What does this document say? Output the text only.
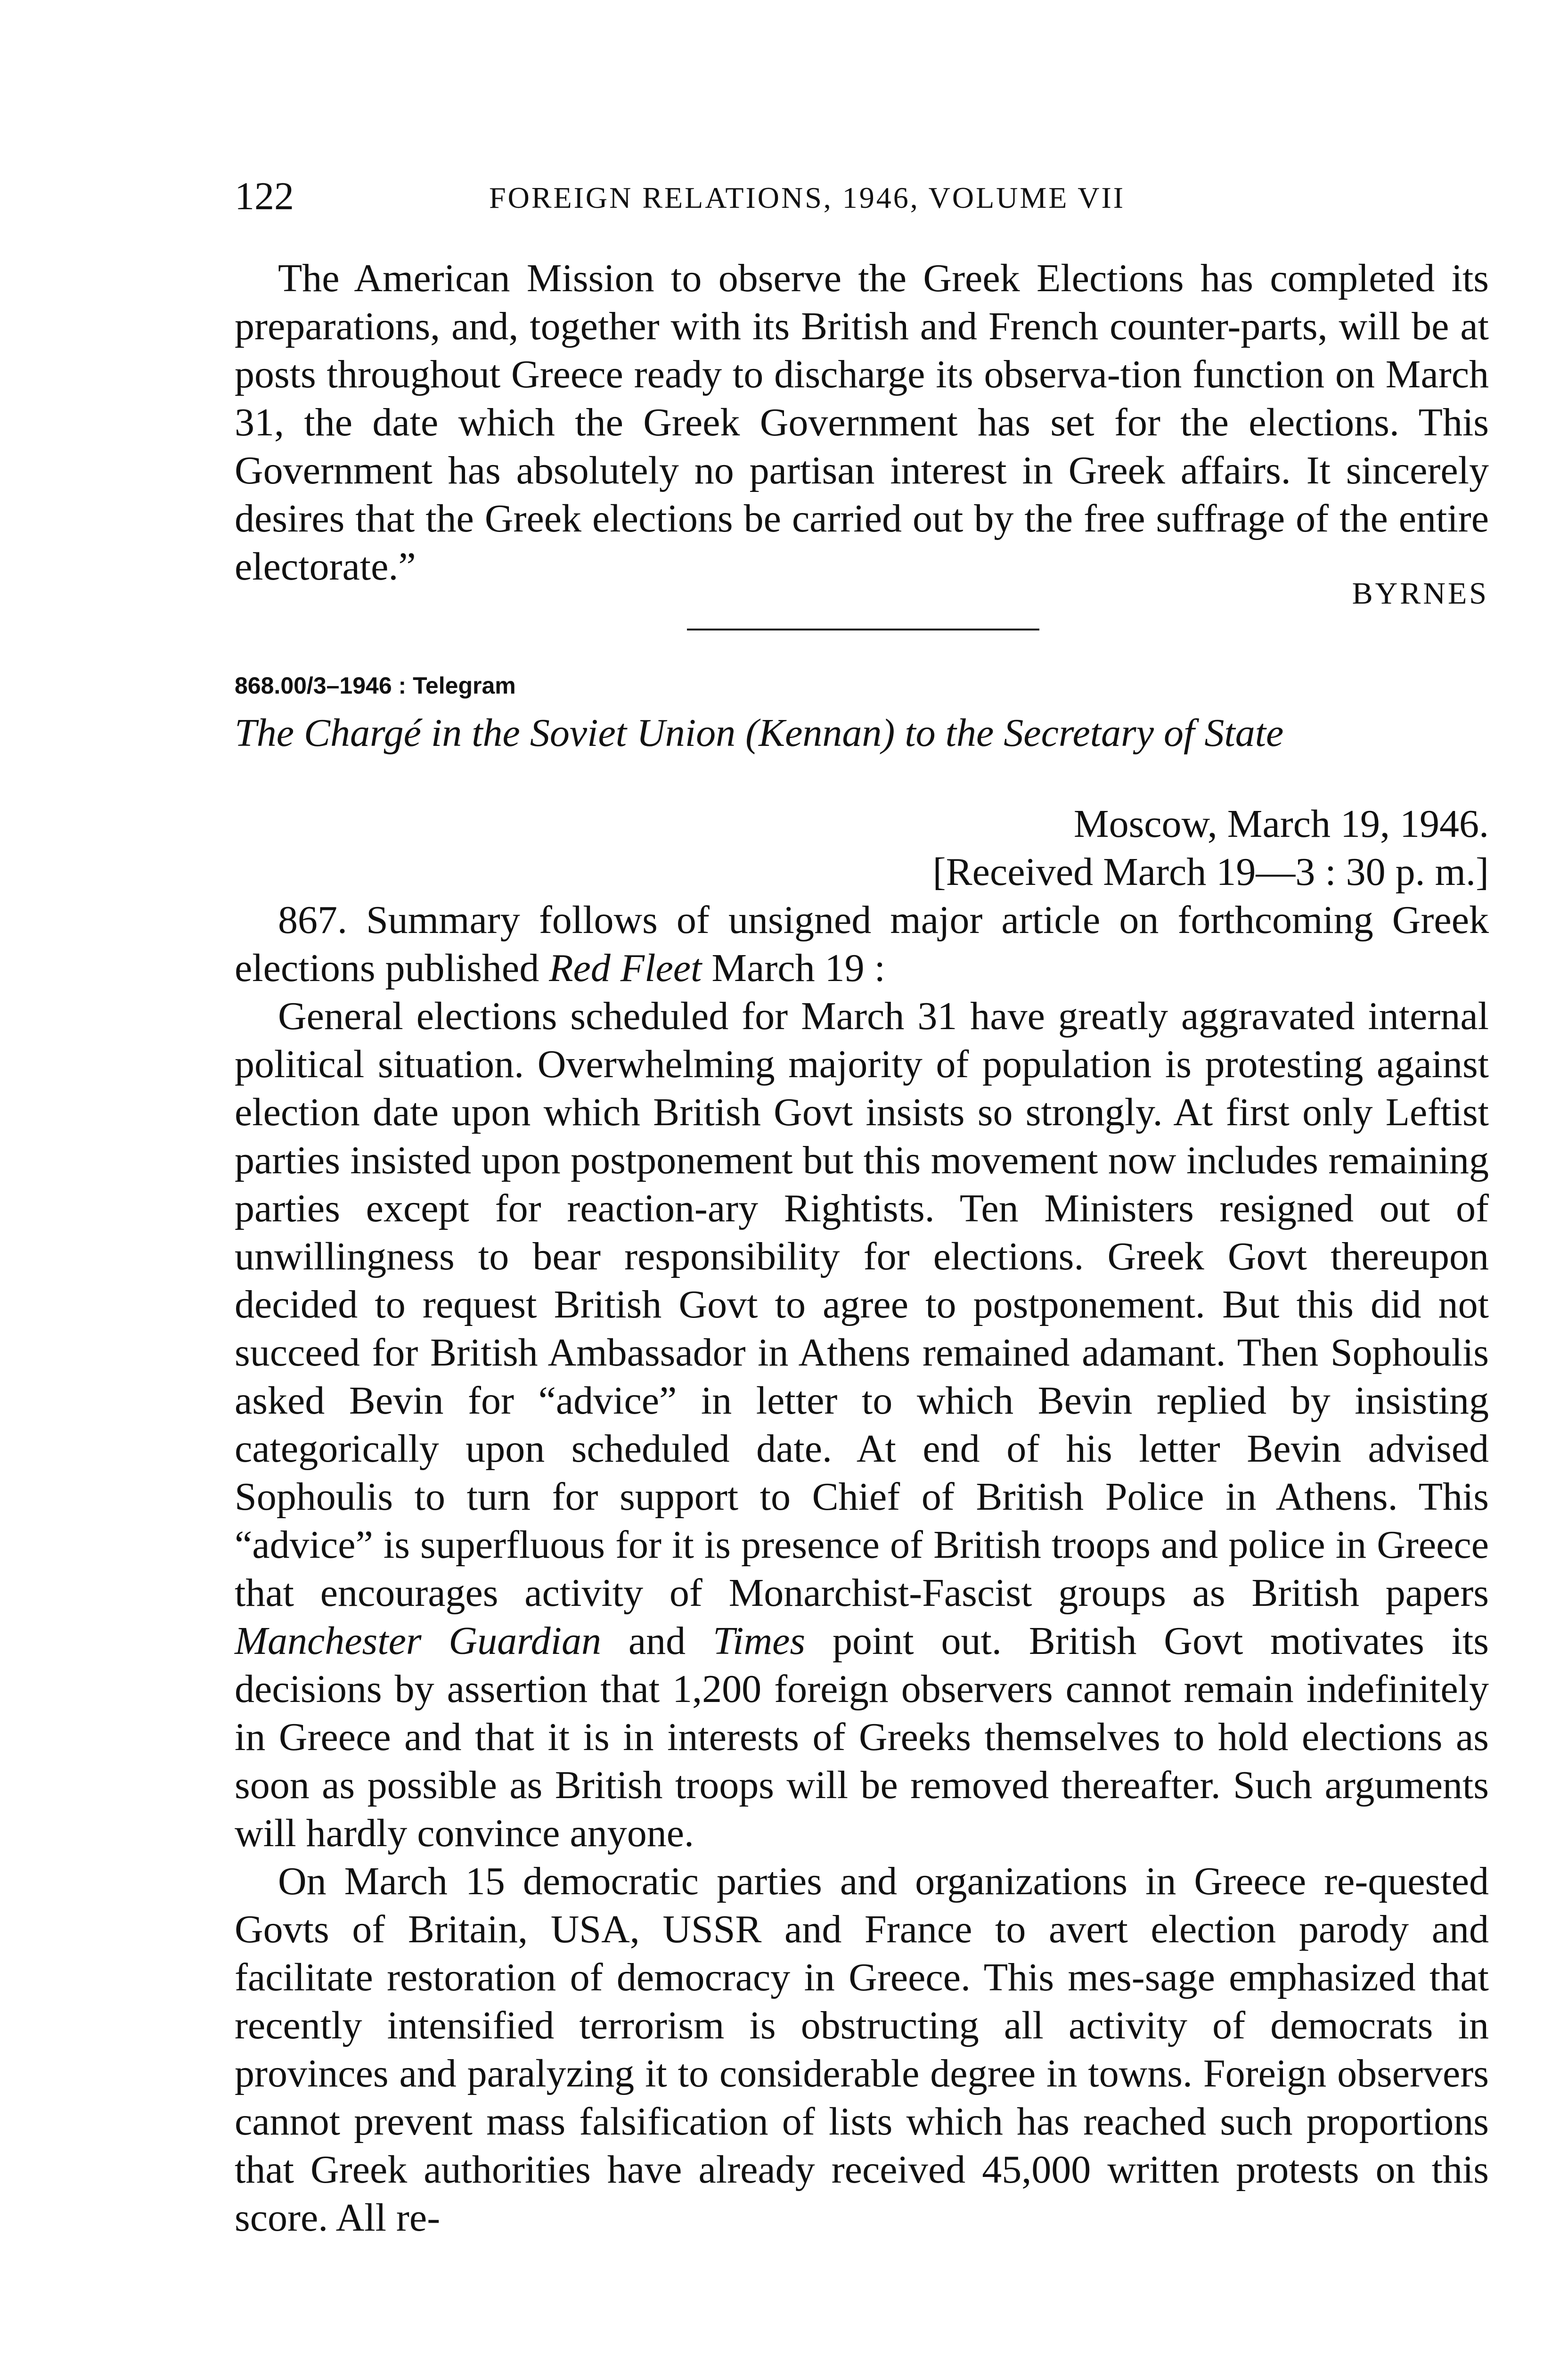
122	FOREIGN RELATIONS, 1946, VOLUME VII

The American Mission to observe the Greek Elections has completed its preparations, and, together with its British and French counter-parts, will be at posts throughout Greece ready to discharge its observa-tion function on March 31, the date which the Greek Government has set for the elections. This Government has absolutely no partisan interest in Greek affairs. It sincerely desires that the Greek elections be carried out by the free suffrage of the entire electorate.”

BYRNES
868.00/3–1946 : Telegram
The Chargé in the Soviet Union (Kennan) to the Secretary of State
Moscow, March 19, 1946.
[Received March 19—3 : 30 p. m.]

867. Summary follows of unsigned major article on forthcoming Greek elections published Red Fleet March 19 :

General elections scheduled for March 31 have greatly aggravated internal political situation. Overwhelming majority of population is protesting against election date upon which British Govt insists so strongly. At first only Leftist parties insisted upon postponement but this movement now includes remaining parties except for reaction-ary Rightists. Ten Ministers resigned out of unwillingness to bear responsibility for elections. Greek Govt thereupon decided to request British Govt to agree to postponement. But this did not succeed for British Ambassador in Athens remained adamant. Then Sophoulis asked Bevin for “advice” in letter to which Bevin replied by insisting categorically upon scheduled date. At end of his letter Bevin advised Sophoulis to turn for support to Chief of British Police in Athens. This “advice” is superfluous for it is presence of British troops and police in Greece that encourages activity of Monarchist-Fascist groups as British papers Manchester Guardian and Times point out. British Govt motivates its decisions by assertion that 1,200 foreign observers cannot remain indefinitely in Greece and that it is in interests of Greeks themselves to hold elections as soon as possible as British troops will be removed thereafter. Such arguments will hardly convince anyone.

On March 15 democratic parties and organizations in Greece re-quested Govts of Britain, USA, USSR and France to avert election parody and facilitate restoration of democracy in Greece. This mes-sage emphasized that recently intensified terrorism is obstructing all activity of democrats in provinces and paralyzing it to considerable degree in towns. Foreign observers cannot prevent mass falsification of lists which has reached such proportions that Greek authorities have already received 45,000 written protests on this score. All re-
